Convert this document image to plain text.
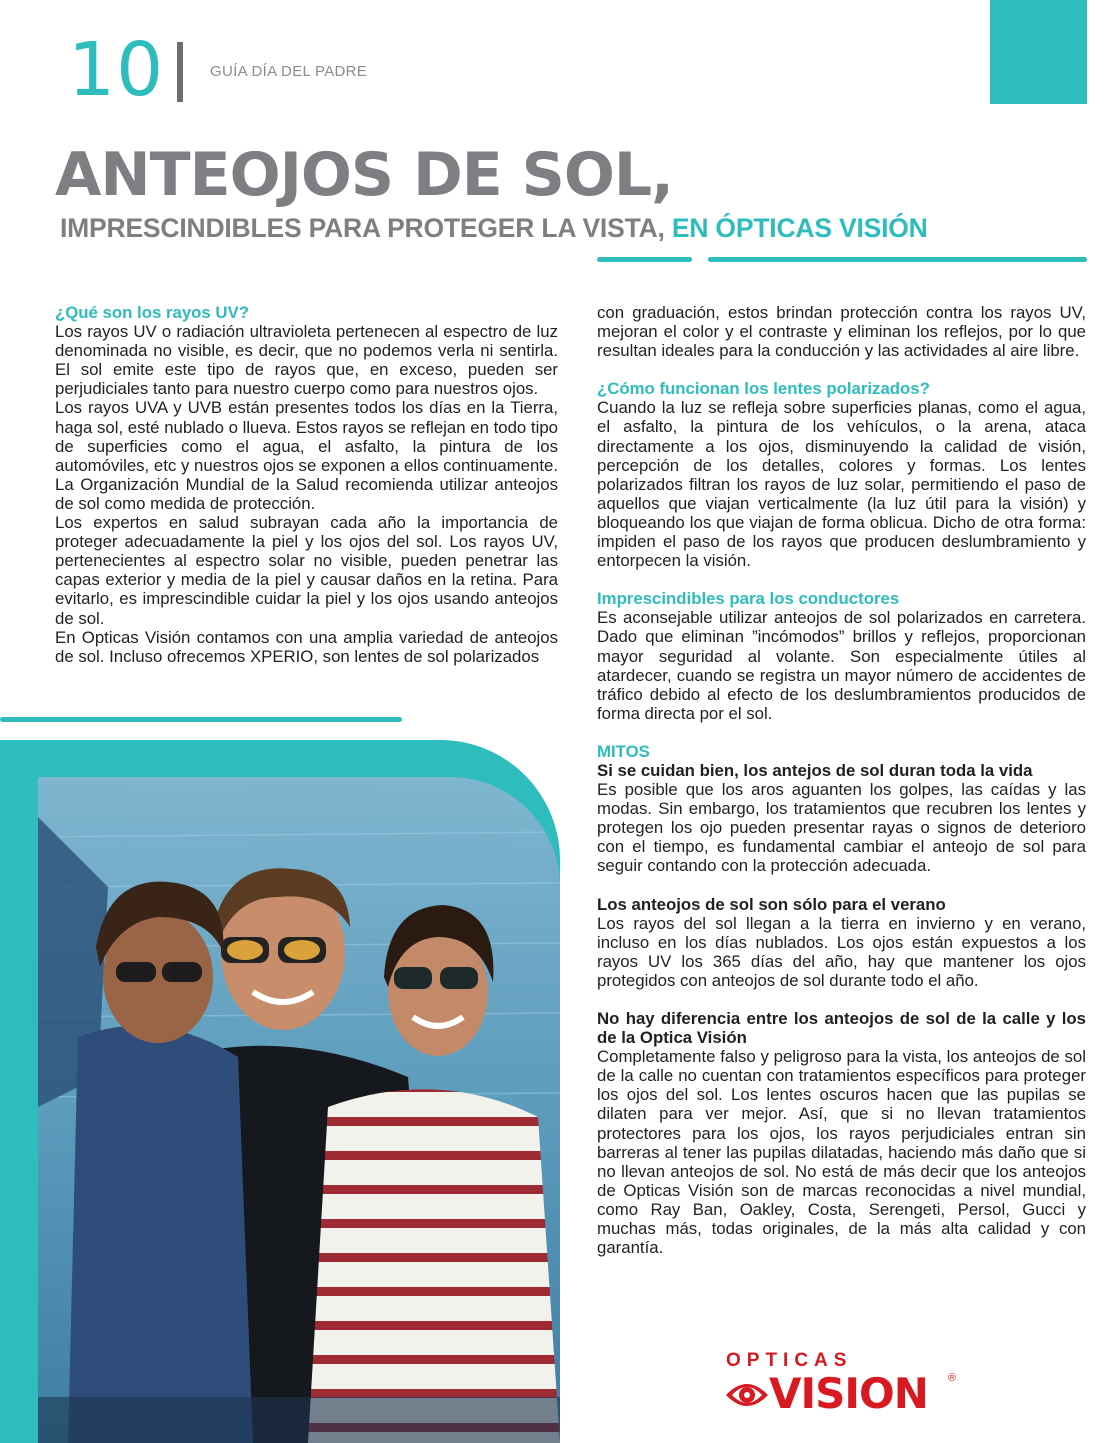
10	GUÍA DÍA DEL PADRE
ANTEOJOS DE SOL,
IMPRESCINDIBLES PARA PROTEGER LA VISTA, EN ÓPTICAS VISIÓN

¿Qué son los rayos UV?

Los rayos UV o radiación ultravioleta pertenecen al espectro de luz denominada no visible, es decir, que no podemos verla ni sentirla. El sol emite este tipo de rayos que, en exceso, pueden ser perjudiciales tanto para nuestro cuerpo como para nuestros ojos.

Los rayos UVA y UVB están presentes todos los días en la Tierra, haga sol, esté nublado o llueva. Estos rayos se reflejan en todo tipo de superficies como el agua, el asfalto, la pintura de los automóviles, etc y nuestros ojos se exponen a ellos continuamente. La Organización Mundial de la Salud recomienda utilizar anteojos de sol como medida de protección.

Los expertos en salud subrayan cada año la importancia de proteger adecuadamente la piel y los ojos del sol. Los rayos UV, pertenecientes al espectro solar no visible, pueden penetrar las capas exterior y media de la piel y causar daños en la retina. Para evitarlo, es imprescindible cuidar la piel y los ojos usando anteojos de sol.

En Opticas Visión contamos con una amplia variedad de anteojos de sol. Incluso ofrecemos XPERIO, son lentes de sol polarizados

con graduación, estos brindan protección contra los rayos UV, mejoran el color y el contraste y eliminan los reflejos, por lo que resultan ideales para la conducción y las actividades al aire libre.

¿Cómo funcionan los lentes polarizados?

Cuando la luz se refleja sobre superficies planas, como el agua, el asfalto, la pintura de los vehículos, o la arena, ataca directamente a los ojos, disminuyendo la calidad de visión, percepción de los detalles, colores y formas. Los lentes polarizados filtran los rayos de luz solar, permitiendo el paso de aquellos que viajan verticalmente (la luz útil para la visión) y bloqueando los que viajan de forma oblicua. Dicho de otra forma: impiden el paso de los rayos que producen deslumbramiento y entorpecen la visión.

Imprescindibles para los conductores

Es aconsejable utilizar anteojos de sol polarizados en carretera. Dado que eliminan ”incómodos” brillos y reflejos, proporcionan mayor seguridad al volante. Son especialmente útiles al atardecer, cuando se registra un mayor número de accidentes de tráfico debido al efecto de los deslumbramientos producidos de forma directa por el sol.

MITOS

Si se cuidan bien, los antejos de sol duran toda la vida

Es posible que los aros aguanten los golpes, las caídas y las modas. Sin embargo, los tratamientos que recubren los lentes y protegen los ojo pueden presentar rayas o signos de deterioro con el tiempo, es fundamental cambiar el anteojo de sol para seguir contando con la protección adecuada.

Los anteojos de sol son sólo para el verano

Los rayos del sol llegan a la tierra en invierno y en verano, incluso en los días nublados. Los ojos están expuestos a los rayos UV los 365 días del año, hay que mantener los ojos protegidos con anteojos de sol durante todo el año.

No hay diferencia entre los anteojos de sol de la calle y los de la Optica Visión

Completamente falso y peligroso para la vista, los anteojos de sol de la calle no cuentan con tratamientos específicos para proteger los ojos del sol. Los lentes oscuros hacen que las pupilas se dilaten para ver mejor. Así, que si no llevan tratamientos protectores para los ojos, los rayos perjudiciales entran sin barreras al tener las pupilas dilatadas, haciendo más daño que si no llevan anteojos de sol. No está de más decir que los anteojos de Opticas Visión son de marcas reconocidas a nivel mundial, como Ray Ban, Oakley, Costa, Serengeti, Persol, Gucci y muchas más, todas originales, de la más alta calidad y con garantía.

OPTICAS
VISION ®
